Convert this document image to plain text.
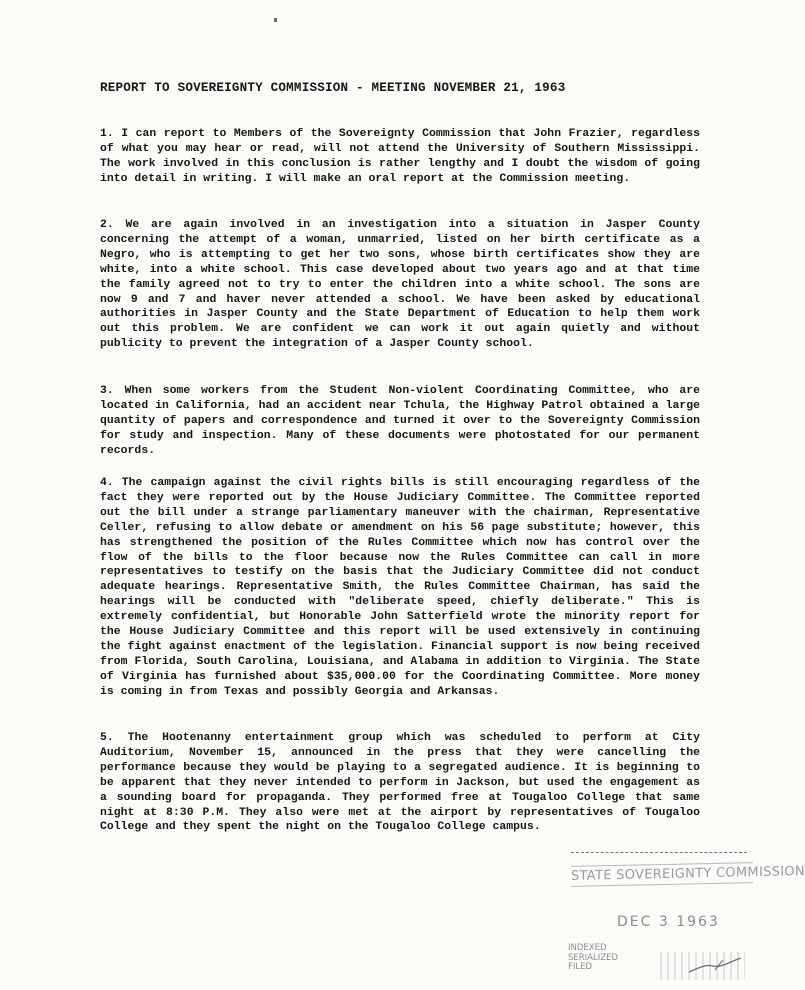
REPORT TO SOVEREIGNTY COMMISSION - MEETING NOVEMBER 21, 1963

1. I can report to Members of the Sovereignty Commission that John Frazier, regardless of what you may hear or read, will not attend the University of Southern Mississippi. The work involved in this conclusion is rather lengthy and I doubt the wisdom of going into detail in writing. I will make an oral report at the Commission meeting.

2. We are again involved in an investigation into a situation in Jasper County concerning the attempt of a woman, unmarried, listed on her birth certificate as a Negro, who is attempting to get her two sons, whose birth certificates show they are white, into a white school. This case developed about two years ago and at that time the family agreed not to try to enter the children into a white school. The sons are now 9 and 7 and haver never attended a school. We have been asked by educational authorities in Jasper County and the State Department of Education to help them work out this problem. We are confident we can work it out again quietly and without publicity to prevent the integration of a Jasper County school.

3. When some workers from the Student Non-violent Coordinating Committee, who are located in California, had an accident near Tchula, the Highway Patrol obtained a large quantity of papers and correspondence and turned it over to the Sovereignty Commission for study and inspection. Many of these documents were photostated for our permanent records.

4. The campaign against the civil rights bills is still encouraging regardless of the fact they were reported out by the House Judiciary Committee. The Committee reported out the bill under a strange parliamentary maneuver with the chairman, Representative Celler, refusing to allow debate or amendment on his 56 page substitute; however, this has strengthened the position of the Rules Committee which now has control over the flow of the bills to the floor because now the Rules Committee can call in more representatives to testify on the basis that the Judiciary Committee did not conduct adequate hearings. Representative Smith, the Rules Committee Chairman, has said the hearings will be conducted with "deliberate speed, chiefly deliberate." This is extremely confidential, but Honorable John Satterfield wrote the minority report for the House Judiciary Committee and this report will be used extensively in continuing the fight against enactment of the legislation. Financial support is now being received from Florida, South Carolina, Louisiana, and Alabama in addition to Virginia. The State of Virginia has furnished about $35,000.00 for the Coordinating Committee. More money is coming in from Texas and possibly Georgia and Arkansas.

5. The Hootenanny entertainment group which was scheduled to perform at City Auditorium, November 15, announced in the press that they were cancelling the performance because they would be playing to a segregated audience. It is beginning to be apparent that they never intended to perform in Jackson, but used the engagement as a sounding board for propaganda. They performed free at Tougaloo College that same night at 8:30 P.M. They also were met at the airport by representatives of Tougaloo College and they spent the night on the Tougaloo College campus.

STATE SOVEREIGNTY COMMISSION
DEC 3 1963
INDEXED
SERIALIZED
FILED
